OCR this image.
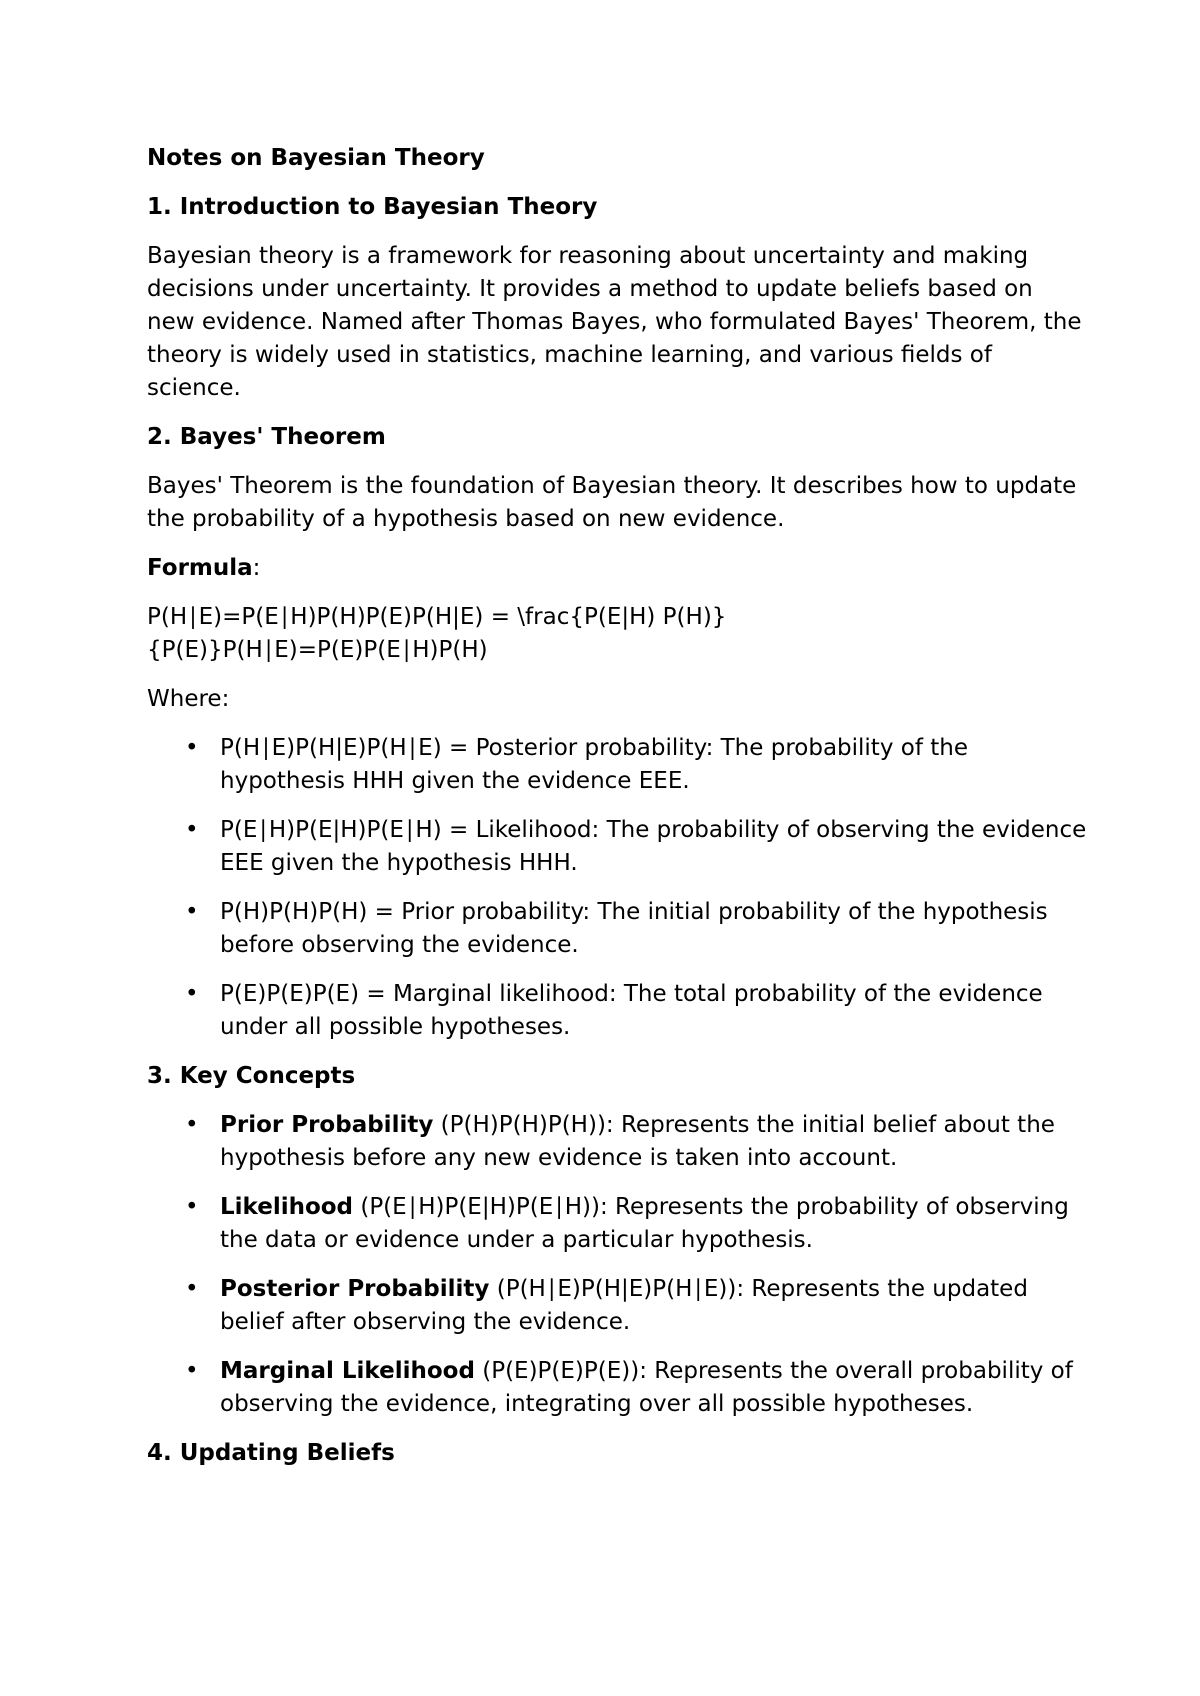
Notes on Bayesian Theory
1. Introduction to Bayesian Theory
Bayesian theory is a framework for reasoning about uncertainty and making decisions under uncertainty. It provides a method to update beliefs based on new evidence. Named after Thomas Bayes, who formulated Bayes' Theorem, the theory is widely used in statistics, machine learning, and various fields of science.
2. Bayes' Theorem
Bayes' Theorem is the foundation of Bayesian theory. It describes how to update the probability of a hypothesis based on new evidence.
Formula:
P(H∣E)=P(E∣H)P(H)P(E)P(H|E) = \frac{P(E|H) P(H)}
{P(E)}P(H∣E)=P(E)P(E∣H)P(H)
Where:
• P(H∣E)P(H|E)P(H∣E) = Posterior probability: The probability of the hypothesis HHH given the evidence EEE.
• P(E∣H)P(E|H)P(E∣H) = Likelihood: The probability of observing the evidence EEE given the hypothesis HHH.
• P(H)P(H)P(H) = Prior probability: The initial probability of the hypothesis before observing the evidence.
• P(E)P(E)P(E) = Marginal likelihood: The total probability of the evidence under all possible hypotheses.
3. Key Concepts
• Prior Probability (P(H)P(H)P(H)): Represents the initial belief about the hypothesis before any new evidence is taken into account.
• Likelihood (P(E∣H)P(E|H)P(E∣H)): Represents the probability of observing the data or evidence under a particular hypothesis.
• Posterior Probability (P(H∣E)P(H|E)P(H∣E)): Represents the updated belief after observing the evidence.
• Marginal Likelihood (P(E)P(E)P(E)): Represents the overall probability of observing the evidence, integrating over all possible hypotheses.
4. Updating Beliefs
